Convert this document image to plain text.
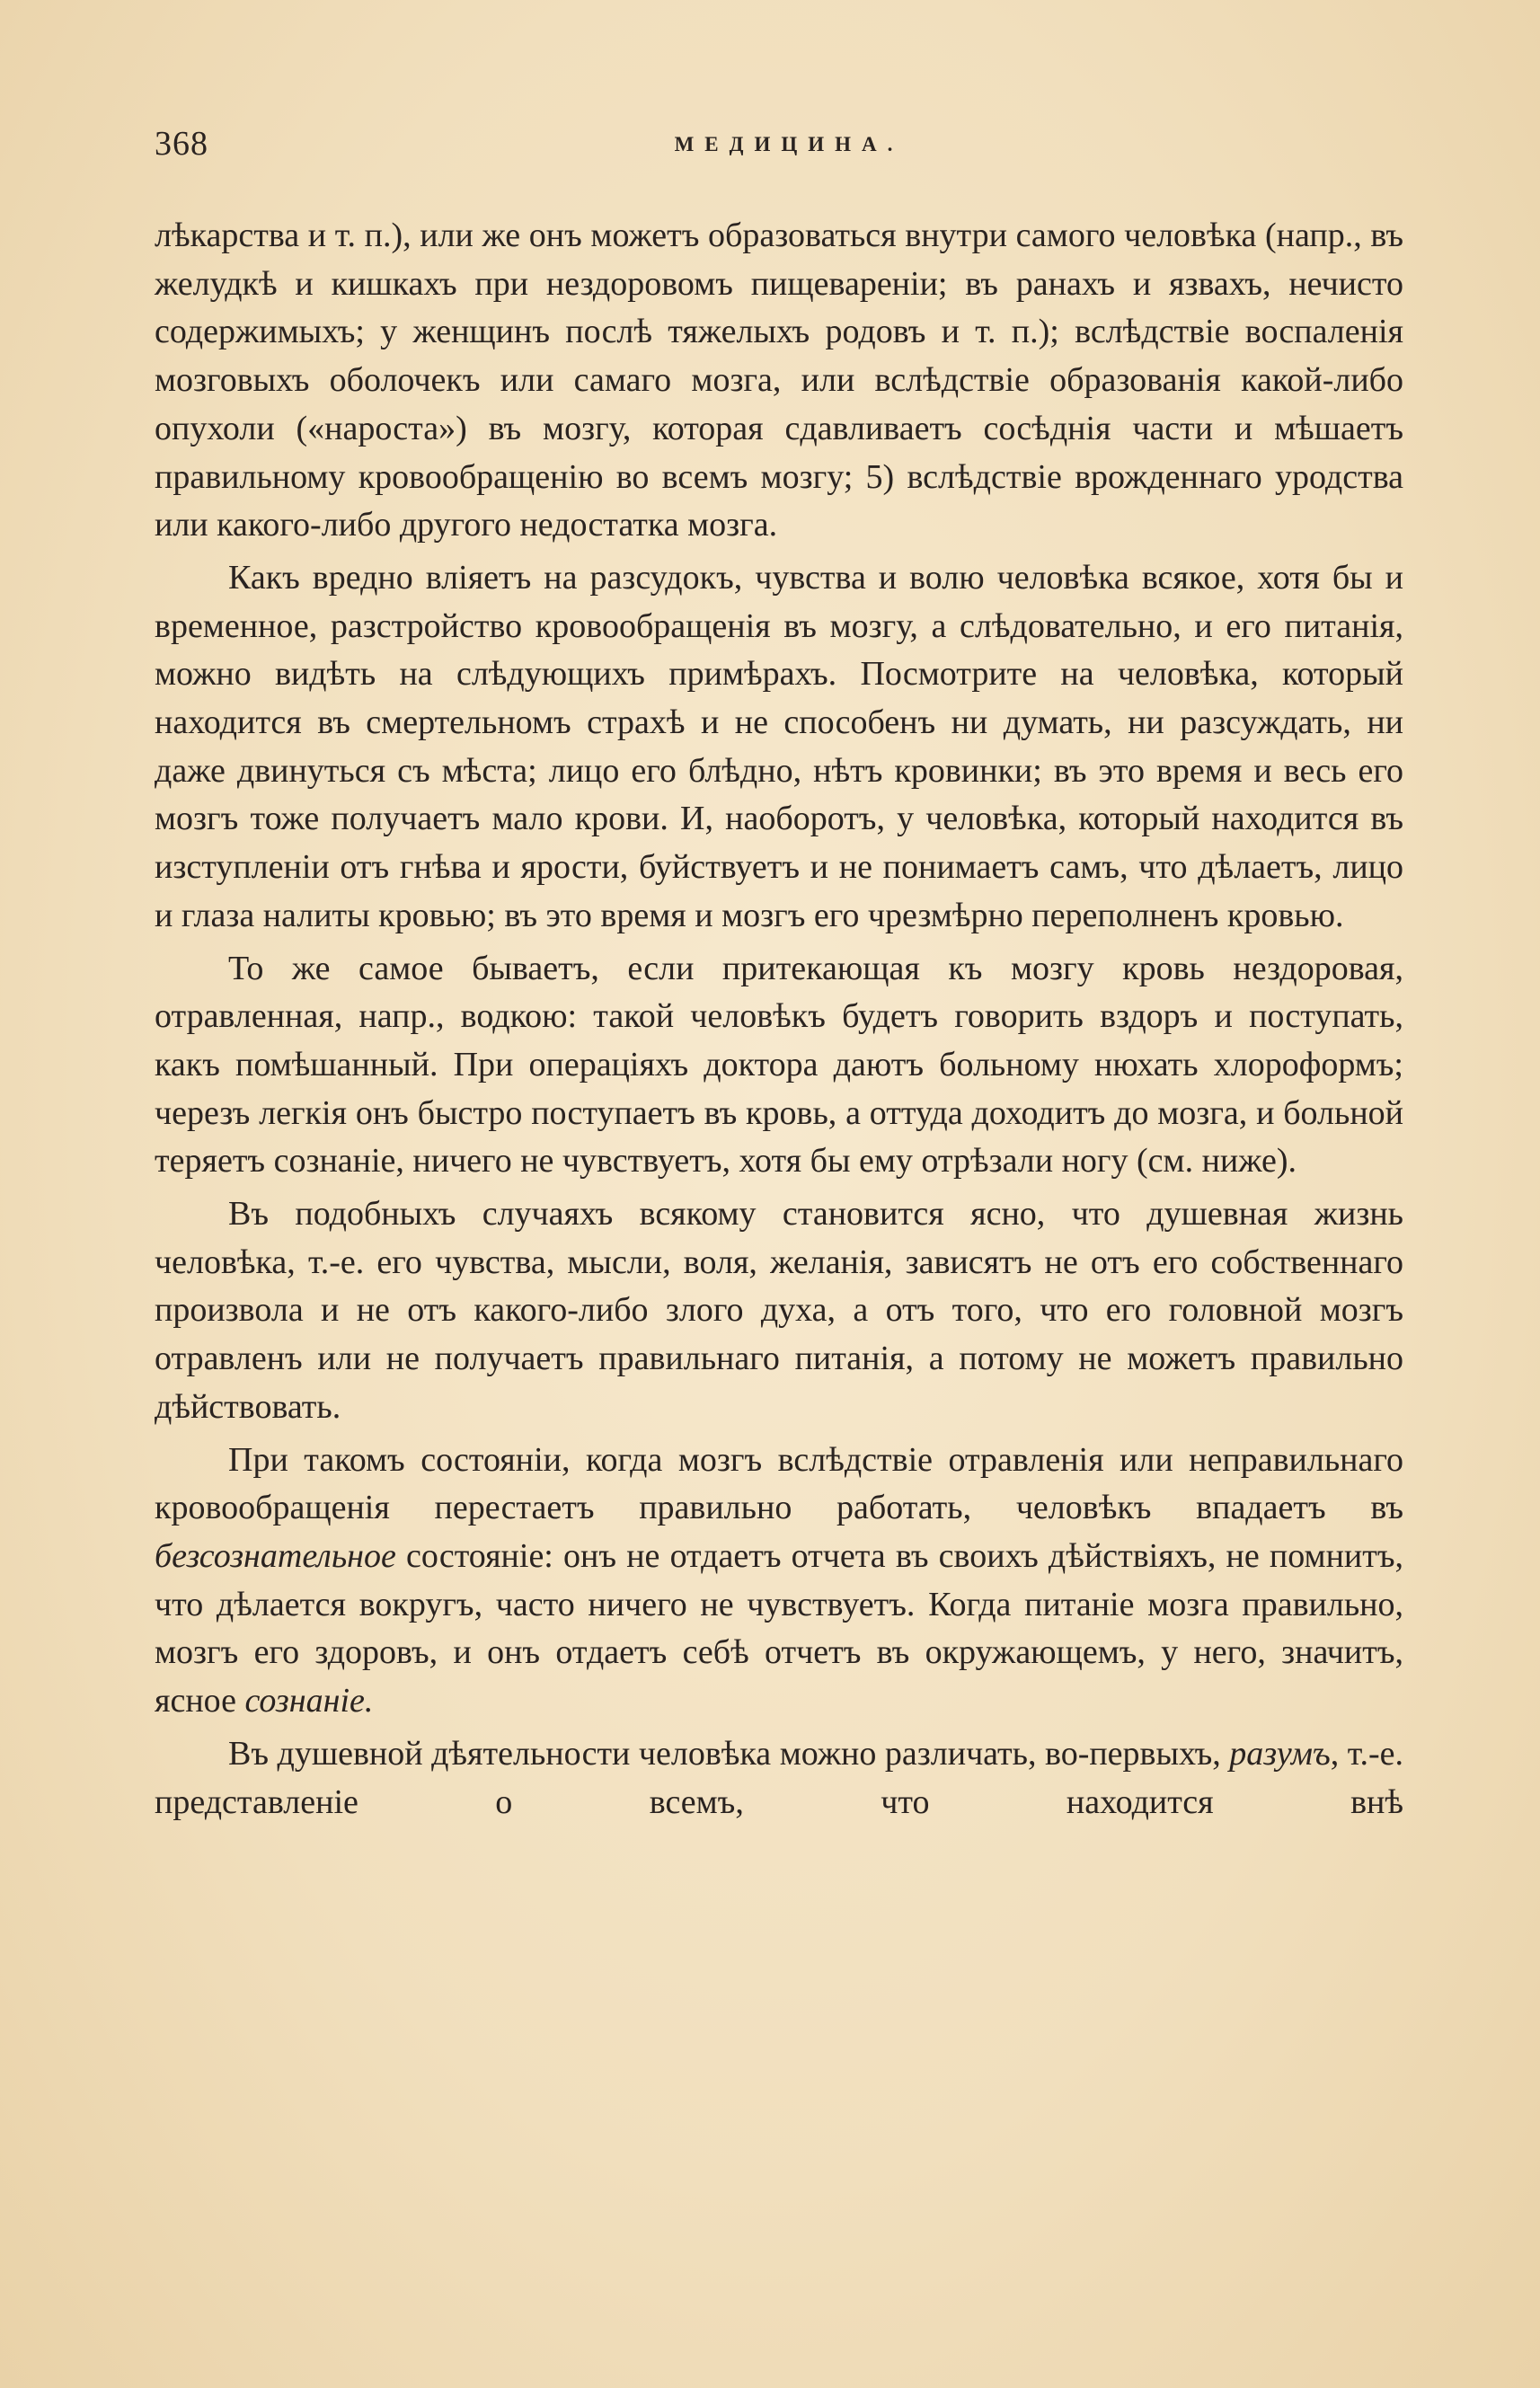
368	МЕДИЦИНА.

лѣкарства и т. п.), или же онъ можетъ образоваться внутри самого человѣка (напр., въ желудкѣ и кишкахъ при нездоровомъ пищевареніи; въ ранахъ и язвахъ, нечисто содержимыхъ; у женщинъ послѣ тяжелыхъ родовъ и т. п.); вслѣдствіе воспаленія мозговыхъ оболочекъ или самаго мозга, или вслѣдствіе образованія какой-либо опухоли («нароста») въ мозгу, которая сдавливаетъ сосѣднія части и мѣшаетъ правильному кровообращенію во всемъ мозгу; 5) вслѣдствіе врожденнаго уродства или какого-либо другого недостатка мозга.

Какъ вредно вліяетъ на разсудокъ, чувства и волю человѣка всякое, хотя бы и временное, разстройство кровообращенія въ мозгу, а слѣдовательно, и его питанія, можно видѣть на слѣдующихъ примѣрахъ. Посмотрите на человѣка, который находится въ смертельномъ страхѣ и не способенъ ни думать, ни разсуждать, ни даже двинуться съ мѣста; лицо его блѣдно, нѣтъ кровинки; въ это время и весь его мозгъ тоже получаетъ мало крови. И, наоборотъ, у человѣка, который находится въ изступленіи отъ гнѣва и ярости, буйствуетъ и не понимаетъ самъ, что дѣлаетъ, лицо и глаза налиты кровью; въ это время и мозгъ его чрезмѣрно переполненъ кровью.

То же самое бываетъ, если притекающая къ мозгу кровь нездоровая, отравленная, напр., водкою: такой человѣкъ будетъ говорить вздоръ и поступать, какъ помѣшанный. При операціяхъ доктора даютъ больному нюхать хлороформъ; черезъ легкія онъ быстро поступаетъ въ кровь, а оттуда доходитъ до мозга, и больной теряетъ сознаніе, ничего не чувствуетъ, хотя бы ему отрѣзали ногу (см. ниже).

Въ подобныхъ случаяхъ всякому становится ясно, что душевная жизнь человѣка, т.-е. его чувства, мысли, воля, желанія, зависятъ не отъ его собственнаго произвола и не отъ какого-либо злого духа, а отъ того, что его головной мозгъ отравленъ или не получаетъ правильнаго питанія, а потому не можетъ правильно дѣйствовать.

При такомъ состояніи, когда мозгъ вслѣдствіе отравленія или неправильнаго кровообращенія перестаетъ правильно работать, человѣкъ впадаетъ въ безсознательное состояніе: онъ не отдаетъ отчета въ своихъ дѣйствіяхъ, не помнитъ, что дѣлается вокругъ, часто ничего не чувствуетъ. Когда питаніе мозга правильно, мозгъ его здоровъ, и онъ отдаетъ себѣ отчетъ въ окружающемъ, у него, значитъ, ясное сознаніе.

Въ душевной дѣятельности человѣка можно различать, во-первыхъ, разумъ, т.-е. представленіе о всемъ, что находится внѣ
